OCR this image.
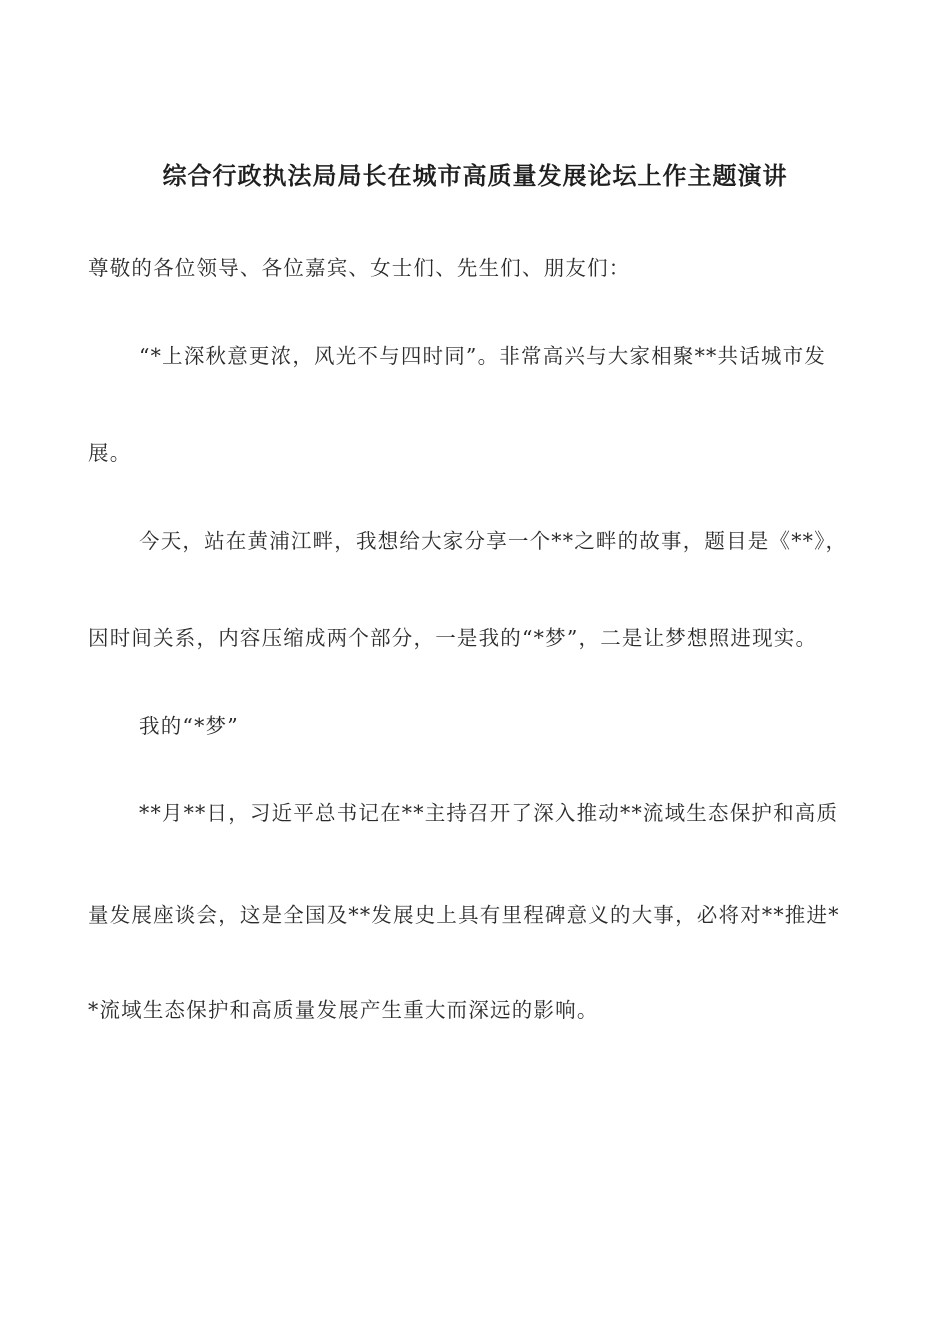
综合行政执法局局长在城市高质量发展论坛上作主题演讲

尊敬的各位领导、各位嘉宾、女士们、先生们、朋友们：

“*上深秋意更浓，风光不与四时同”。非常高兴与大家相聚**共话城市发

展。

今天，站在黄浦江畔，我想给大家分享一个**之畔的故事，题目是《**》，

因时间关系，内容压缩成两个部分，一是我的“*梦”，二是让梦想照进现实。

我的“*梦”

**月**日，习近平总书记在**主持召开了深入推动**流域生态保护和高质

量发展座谈会，这是全国及**发展史上具有里程碑意义的大事，必将对**推进*

*流域生态保护和高质量发展产生重大而深远的影响。
